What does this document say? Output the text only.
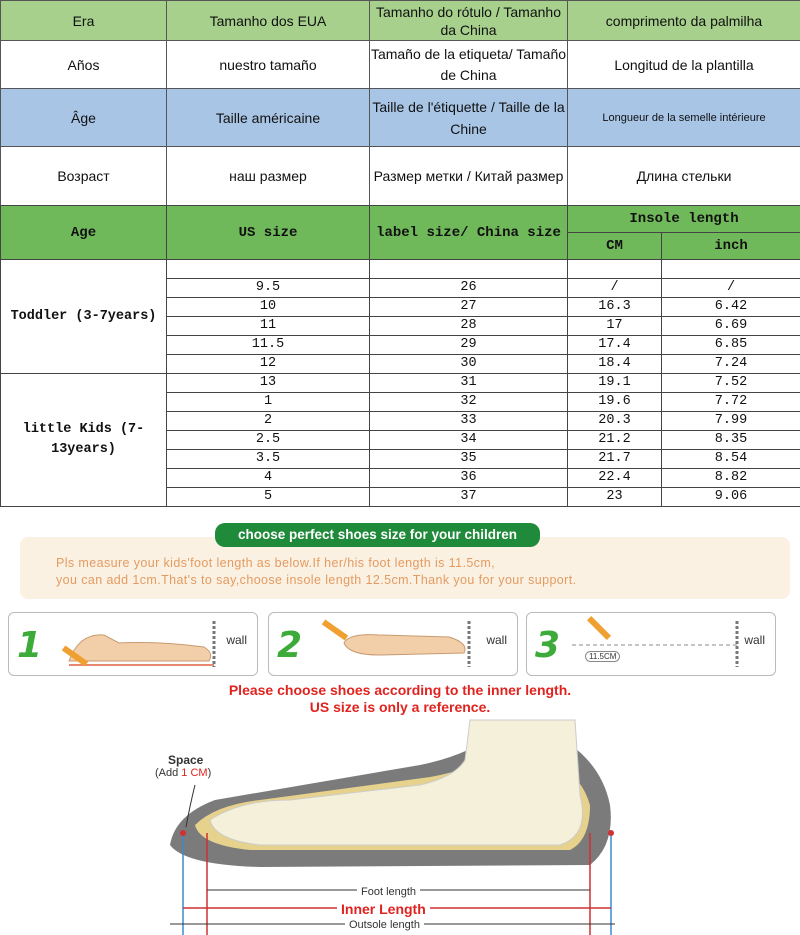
Era	Tamanho dos EUA	Tamanho do rótulo / Tamanho da China	comprimento da palmilha
Años	nuestro tamaño	Tamaño de la etiqueta/ Tamaño de China	Longitud de la plantilla
Âge	Taille américaine	Taille de l'étiquette / Taille de la Chine	Longueur de la semelle intérieure
Возраст	наш размер	Размер метки / Китай размер	Длина стельки
Age	US size	label size/ China size	Insole length	
			CM	inch
Toddler (3-7years)				
	9.5	26	/	/
	10	27	16.3	6.42
	11	28	17	6.69
	11.5	29	17.4	6.85
	12	30	18.4	7.24
little Kids (7-13years)	13	31	19.1	7.52
	1	32	19.6	7.72
	2	33	20.3	7.99
	2.5	34	21.2	8.35
	3.5	35	21.7	8.54
	4	36	22.4	8.82
	5	37	23	9.06
choose perfect shoes size for your children
Pls measure your kids'foot length as below.If her/his foot length is 11.5cm,
you can add 1cm.That's to say,choose insole length 12.5cm.Thank you for your support.
1	wall 2	wall 3	11.5CM
wall
Please choose shoes according to the inner length.
US size is only a reference.
Space
(Add 1 CM)
Foot length
Inner Length
Outsole length
